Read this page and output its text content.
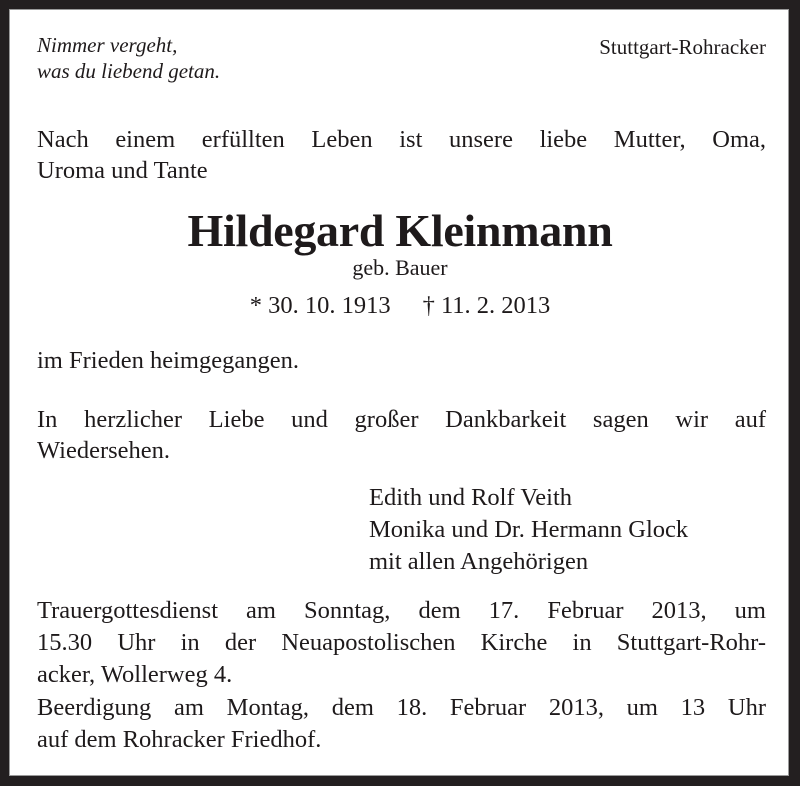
Nimmer vergeht,
was du liebend getan.
Stuttgart-Rohracker
Nach einem erfüllten Leben ist unsere liebe Mutter, Oma,
Uroma und Tante
Hildegard Kleinmann
geb. Bauer
* 30. 10. 1913 † 11. 2. 2013
im Frieden heimgegangen.
In herzlicher Liebe und großer Dankbarkeit sagen wir auf
Wiedersehen.
Edith und Rolf Veith
Monika und Dr. Hermann Glock
mit allen Angehörigen
Trauergottesdienst am Sonntag, dem 17. Februar 2013, um
15.30 Uhr in der Neuapostolischen Kirche in Stuttgart-Rohr-
acker, Wollerweg 4.
Beerdigung am Montag, dem 18. Februar 2013, um 13 Uhr
auf dem Rohracker Friedhof.
